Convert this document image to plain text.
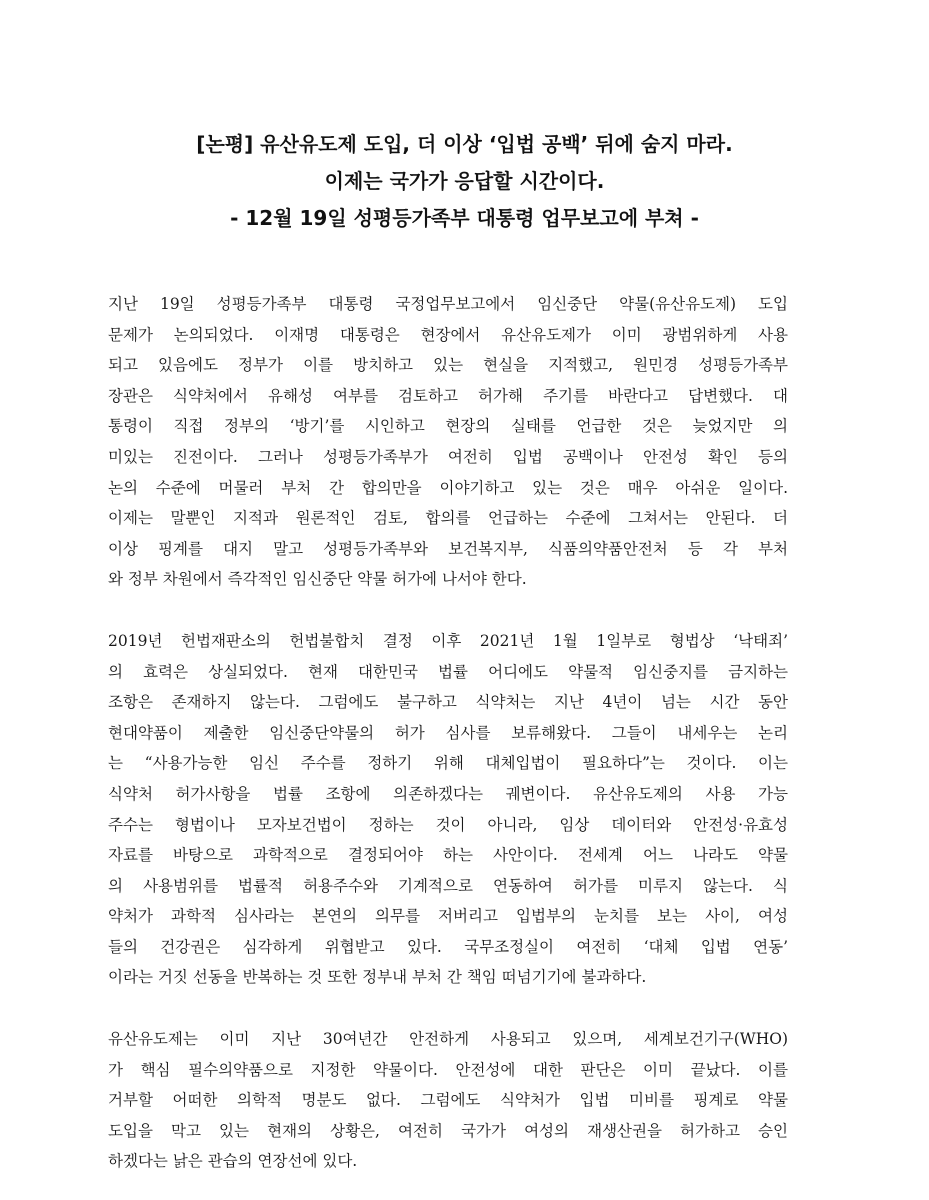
[논평] 유산유도제 도입, 더 이상 ‘입법 공백’ 뒤에 숨지 마라.
이제는 국가가 응답할 시간이다.
- 12월 19일 성평등가족부 대통령 업무보고에 부쳐 -
지난 19일 성평등가족부 대통령 국정업무보고에서 임신중단 약물(유산유도제) 도입
문제가 논의되었다. 이재명 대통령은 현장에서 유산유도제가 이미 광범위하게 사용
되고 있음에도 정부가 이를 방치하고 있는 현실을 지적했고, 원민경 성평등가족부
장관은 식약처에서 유해성 여부를 검토하고 허가해 주기를 바란다고 답변했다. 대
통령이 직접 정부의 ‘방기’를 시인하고 현장의 실태를 언급한 것은 늦었지만 의
미있는 진전이다. 그러나 성평등가족부가 여전히 입법 공백이나 안전성 확인 등의
논의 수준에 머물러 부처 간 합의만을 이야기하고 있는 것은 매우 아쉬운 일이다.
이제는 말뿐인 지적과 원론적인 검토, 합의를 언급하는 수준에 그쳐서는 안된다. 더
이상 핑계를 대지 말고 성평등가족부와 보건복지부, 식품의약품안전처 등 각 부처
와 정부 차원에서 즉각적인 임신중단 약물 허가에 나서야 한다.
2019년 헌법재판소의 헌법불합치 결정 이후 2021년 1월 1일부로 형법상 ‘낙태죄’
의 효력은 상실되었다. 현재 대한민국 법률 어디에도 약물적 임신중지를 금지하는
조항은 존재하지 않는다. 그럼에도 불구하고 식약처는 지난 4년이 넘는 시간 동안
현대약품이 제출한 임신중단약물의 허가 심사를 보류해왔다. 그들이 내세우는 논리
는 “사용가능한 임신 주수를 정하기 위해 대체입법이 필요하다”는 것이다. 이는
식약처 허가사항을 법률 조항에 의존하겠다는 궤변이다. 유산유도제의 사용 가능
주수는 형법이나 모자보건법이 정하는 것이 아니라, 임상 데이터와 안전성·유효성
자료를 바탕으로 과학적으로 결정되어야 하는 사안이다. 전세계 어느 나라도 약물
의 사용범위를 법률적 허용주수와 기계적으로 연동하여 허가를 미루지 않는다. 식
약처가 과학적 심사라는 본연의 의무를 저버리고 입법부의 눈치를 보는 사이, 여성
들의 건강권은 심각하게 위협받고 있다. 국무조정실이 여전히 ‘대체 입법 연동’
이라는 거짓 선동을 반복하는 것 또한 정부내 부처 간 책임 떠넘기기에 불과하다.
유산유도제는 이미 지난 30여년간 안전하게 사용되고 있으며, 세계보건기구(WHO)
가 핵심 필수의약품으로 지정한 약물이다. 안전성에 대한 판단은 이미 끝났다. 이를
거부할 어떠한 의학적 명분도 없다. 그럼에도 식약처가 입법 미비를 핑계로 약물
도입을 막고 있는 현재의 상황은, 여전히 국가가 여성의 재생산권을 허가하고 승인
하겠다는 낡은 관습의 연장선에 있다.
